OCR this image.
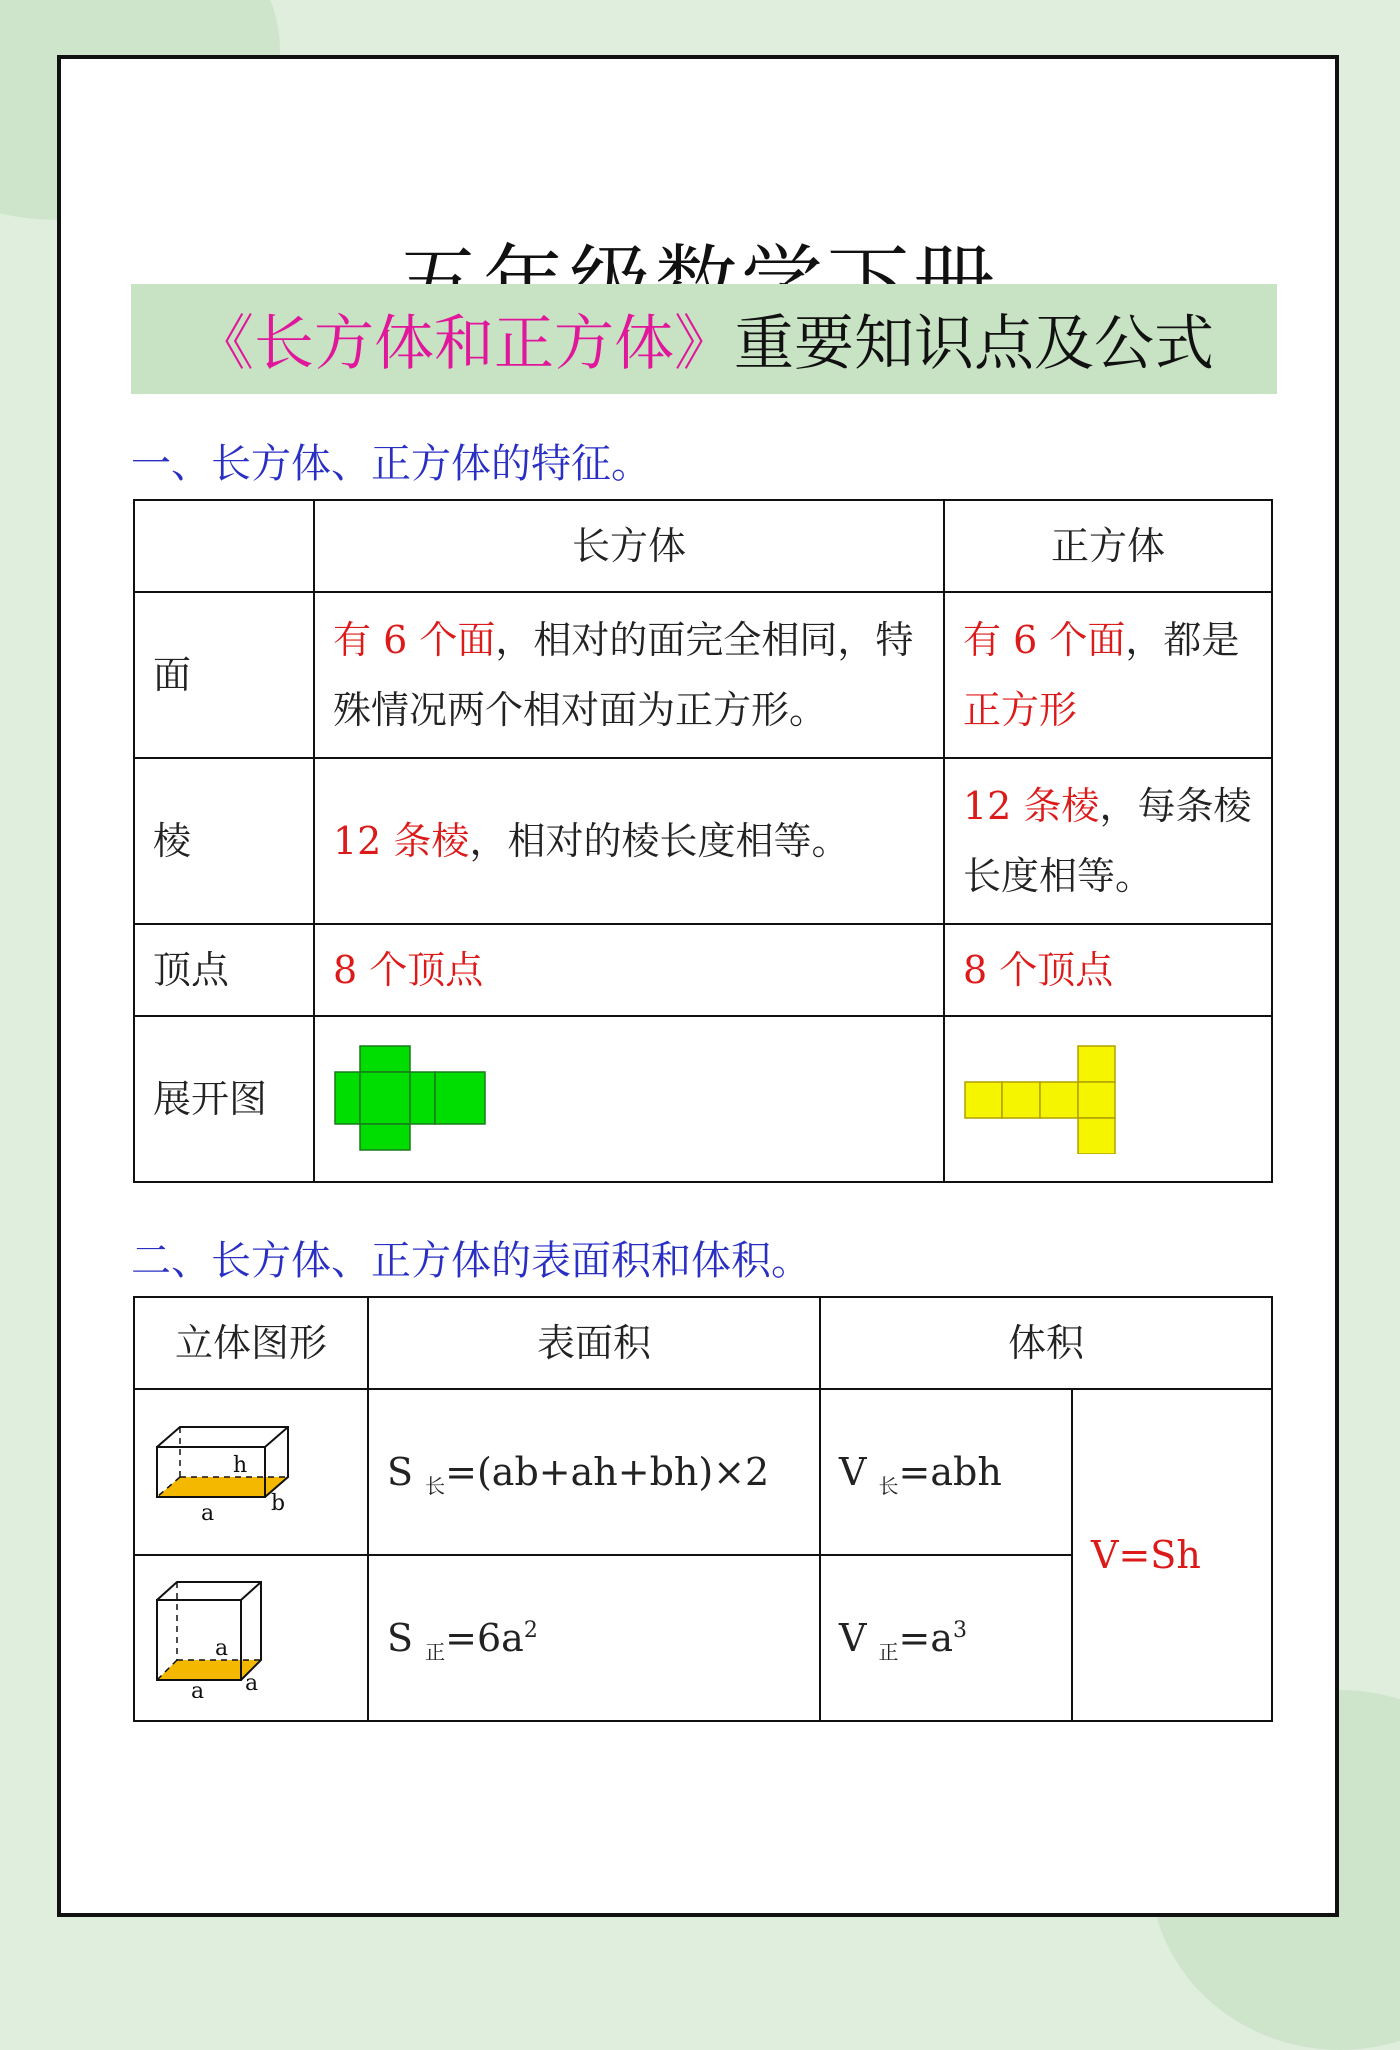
《长方体和正方体》 重要知识点及公式
一、长方体、正方体的特征。
	长方体	正方体
面	有 6 个面，相对的面完全相同，特殊情况两个相对面为正方形。	有 6 个面，都是
正方形
棱	12 条棱，相对的棱长度相等。	12 条棱，每条棱长度相等。
顶点	8 个顶点	8 个顶点
展开图	

二、长方体、正方体的表面积和体积。
立体图形	表面积	体积	

h
a b	S $_长$=(ab+ah+bh)×2	V $_长$=abh	V=Sh

a
a a	S $_正=6a^2$	V $_正=a^3$
